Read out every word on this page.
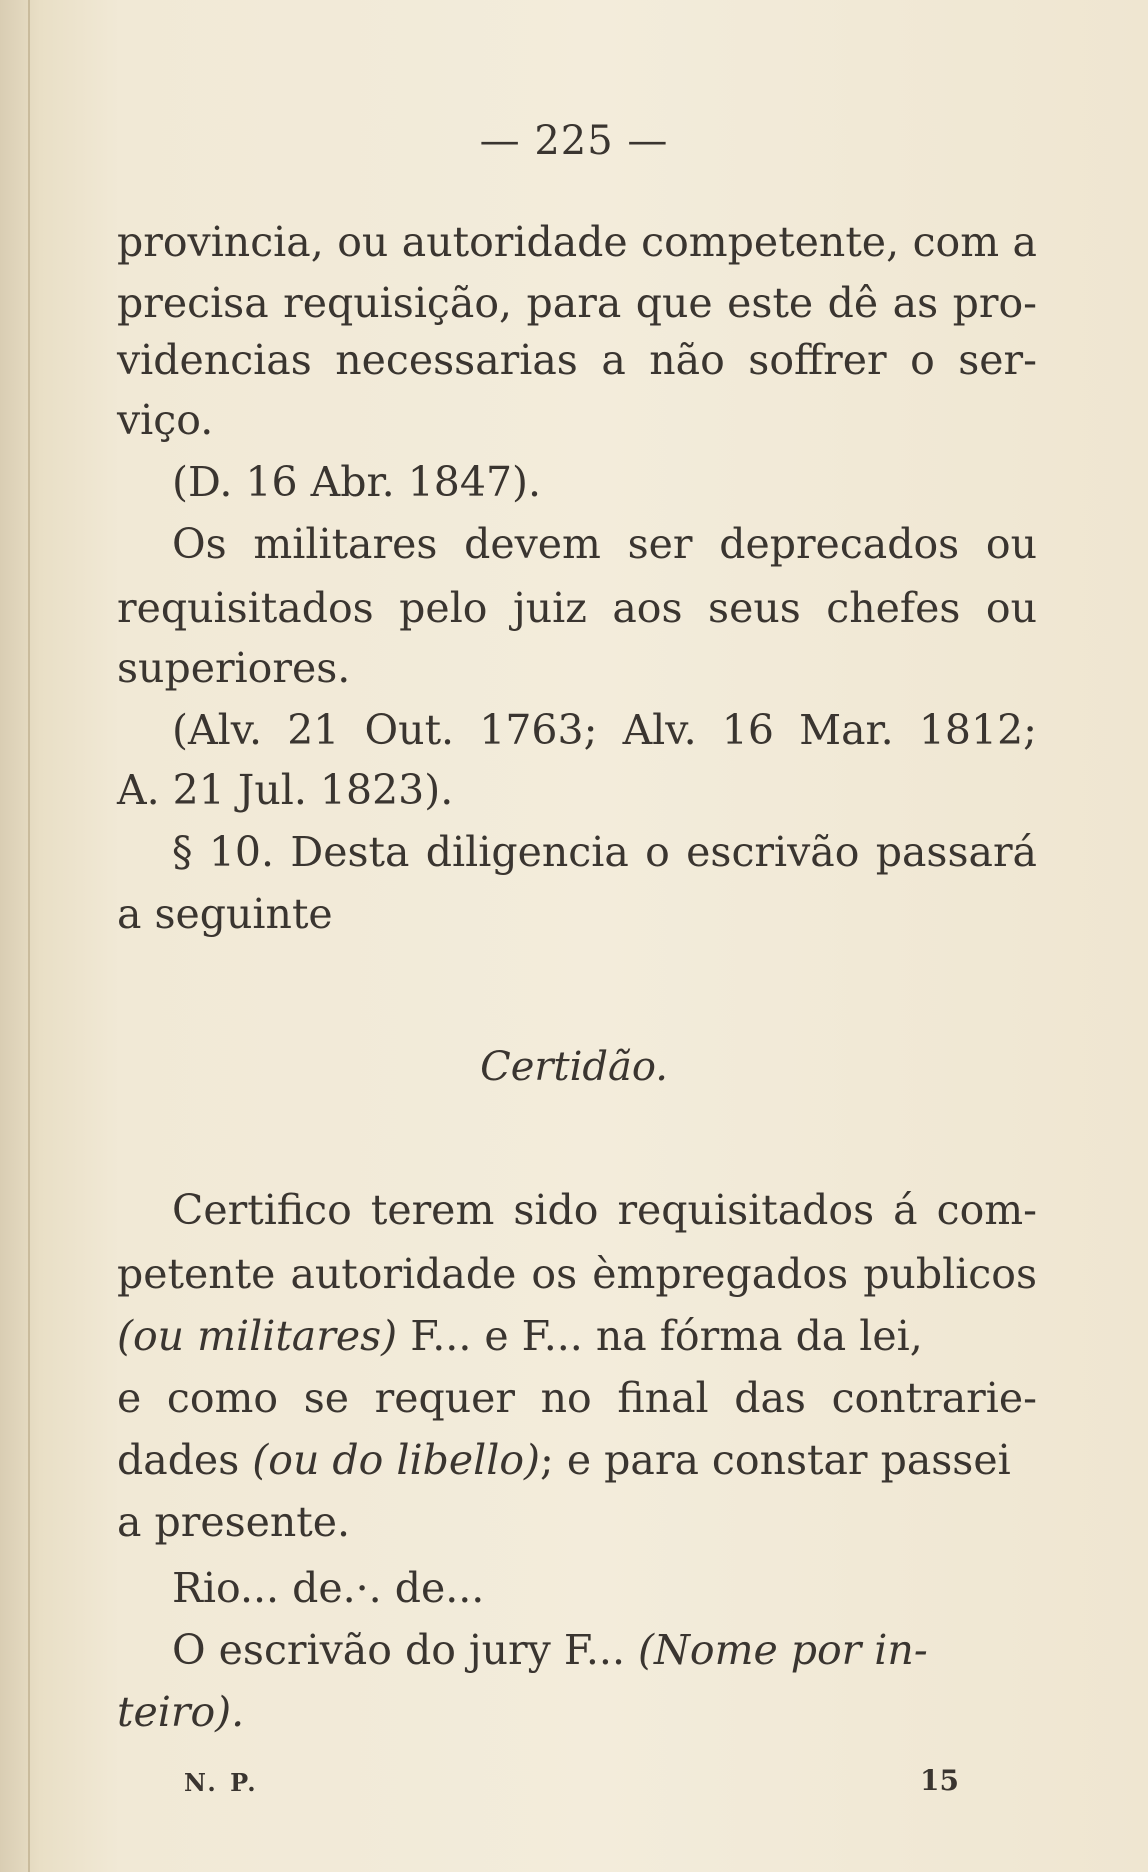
— 225 —
provincia, ou autoridade competente, com a
precisa requisição, para que este dê as pro-
videncias necessarias a não soffrer o ser-
viço.
(D. 16 Abr. 1847).
Os militares devem ser deprecados ou
requisitados pelo juiz aos seus chefes ou
superiores.
(Alv. 21 Out. 1763; Alv. 16 Mar. 1812;
A. 21 Jul. 1823).
§ 10. Desta diligencia o escrivão passará
a seguinte
Certidão.
Certifico terem sido requisitados á com-
petente autoridade os èmpregados publicos
(ou militares) F... e F... na fórma da lei,
e como se requer no final das contrarie-
dades (ou do libello); e para constar passei
a presente.
Rio... de.·. de...
O escrivão do jury F... (Nome por in-
teiro).
N. P.	15
